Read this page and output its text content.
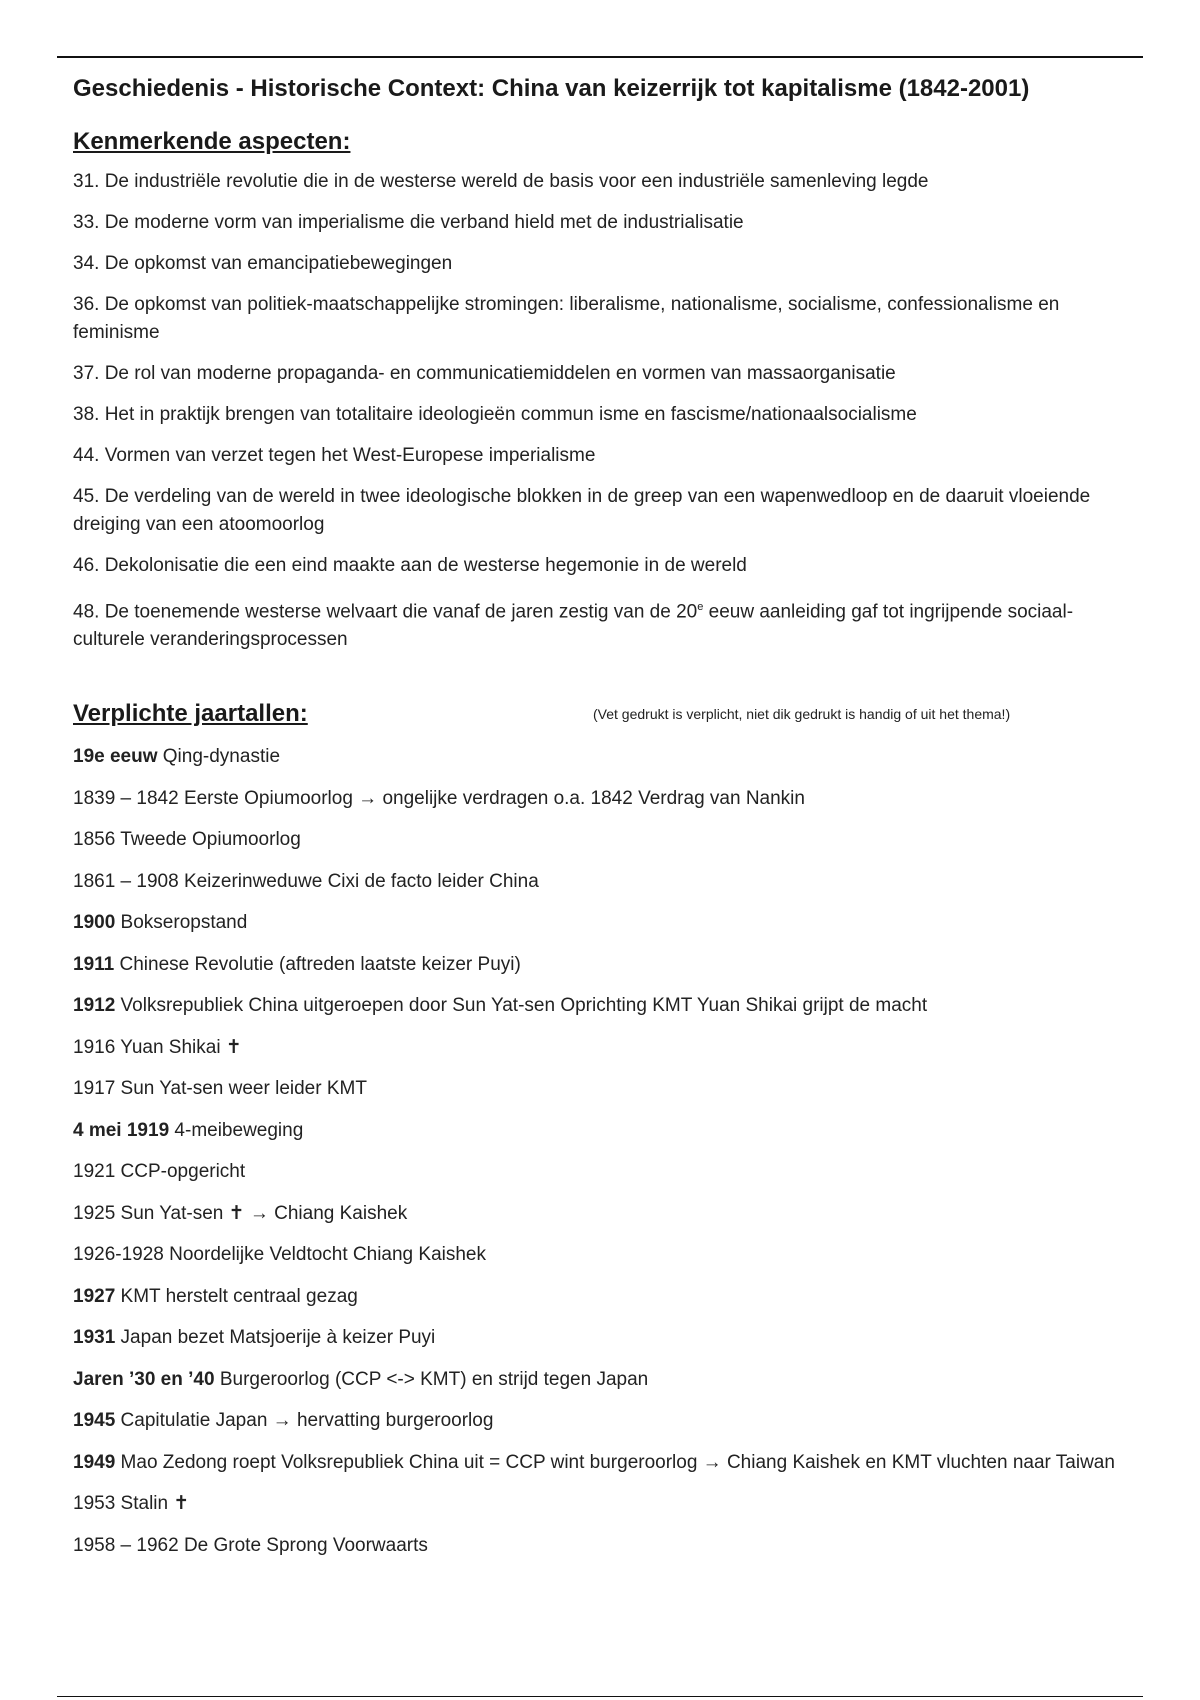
Geschiedenis - Historische Context: China van keizerrijk tot kapitalisme (1842-2001)
Kenmerkende aspecten:
31. De industriële revolutie die in de westerse wereld de basis voor een industriële samenleving legde
33. De moderne vorm van imperialisme die verband hield met de industrialisatie
34. De opkomst van emancipatiebewegingen
36. De opkomst van politiek-maatschappelijke stromingen: liberalisme, nationalisme, socialisme, confessionalisme en feminisme
37. De rol van moderne propaganda- en communicatiemiddelen en vormen van massaorganisatie
38. Het in praktijk brengen van totalitaire ideologieën commun isme en fascisme/nationaalsocialisme
44. Vormen van verzet tegen het West-Europese imperialisme
45. De verdeling van de wereld in twee ideologische blokken in de greep van een wapenwedloop en de daaruit vloeiende dreiging van een atoomoorlog
46. Dekolonisatie die een eind maakte aan de westerse hegemonie in de wereld
48. De toenemende westerse welvaart die vanaf de jaren zestig van de 20e eeuw aanleiding gaf tot ingrijpende sociaal-culturele veranderingsprocessen
Verplichte jaartallen:	(Vet gedrukt is verplicht, niet dik gedrukt is handig of uit het thema!)
19e eeuw Qing-dynastie
1839 – 1842 Eerste Opiumoorlog → ongelijke verdragen o.a. 1842 Verdrag van Nankin
1856 Tweede Opiumoorlog
1861 – 1908 Keizerinweduwe Cixi de facto leider China
1900 Bokseropstand
1911 Chinese Revolutie (aftreden laatste keizer Puyi)
1912 Volksrepubliek China uitgeroepen door Sun Yat-sen Oprichting KMT Yuan Shikai grijpt de macht
1916 Yuan Shikai ✝
1917 Sun Yat-sen weer leider KMT
4 mei 1919 4-meibeweging
1921 CCP-opgericht
1925 Sun Yat-sen ✝ → Chiang Kaishek
1926-1928 Noordelijke Veldtocht Chiang Kaishek
1927 KMT herstelt centraal gezag
1931 Japan bezet Matsjoerije à keizer Puyi
Jaren ’30 en ’40 Burgeroorlog (CCP <-> KMT) en strijd tegen Japan
1945 Capitulatie Japan → hervatting burgeroorlog
1949 Mao Zedong roept Volksrepubliek China uit = CCP wint burgeroorlog → Chiang Kaishek en KMT vluchten naar Taiwan
1953 Stalin ✝
1958 – 1962 De Grote Sprong Voorwaarts
